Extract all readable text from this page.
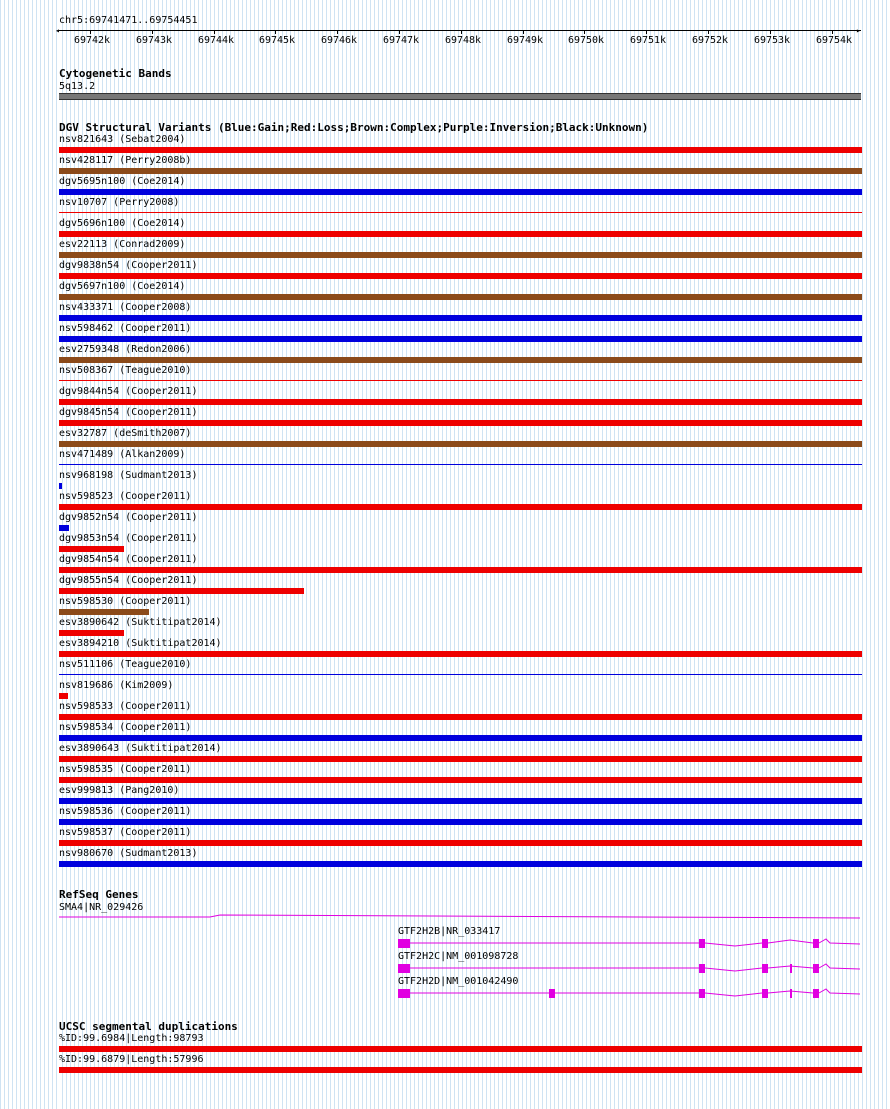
chr5:69741471..69754451
◂	▸
69742k	69743k	69744k 69745k	69746k	69747k	69748k	69749k 69750k	69751k	69752k	69753k	69754k
Cytogenetic Bands
5q13.2
DGV Structural Variants (Blue:Gain;Red:Loss;Brown:Complex;Purple:Inversion;Black:Unknown)
nsv821643 (Sebat2004)
nsv428117 (Perry2008b)
dgv5695n100 (Coe2014)
nsv10707 (Perry2008)
dgv5696n100 (Coe2014)
esv22113 (Conrad2009)
dgv9838n54 (Cooper2011)
dgv5697n100 (Coe2014)
nsv433371 (Cooper2008)
nsv598462 (Cooper2011)
esv2759348 (Redon2006)
nsv508367 (Teague2010)
dgv9844n54 (Cooper2011)
dgv9845n54 (Cooper2011)
esv32787 (deSmith2007)
nsv471489 (Alkan2009)
nsv968198 (Sudmant2013)
nsv598523 (Cooper2011)
dgv9852n54 (Cooper2011)
dgv9853n54 (Cooper2011)
dgv9854n54 (Cooper2011)
dgv9855n54 (Cooper2011)
nsv598530 (Cooper2011)
esv3890642 (Suktitipat2014)
esv3894210 (Suktitipat2014)
nsv511106 (Teague2010)
nsv819686 (Kim2009)
nsv598533 (Cooper2011)
nsv598534 (Cooper2011)
esv3890643 (Suktitipat2014)
nsv598535 (Cooper2011)
esv999813 (Pang2010)
nsv598536 (Cooper2011)
nsv598537 (Cooper2011)
nsv980670 (Sudmant2013)
RefSeq Genes
SMA4|NR_029426
GTF2H2B|NR_033417
GTF2H2C|NM_001098728
GTF2H2D|NM_001042490
UCSC segmental duplications
%ID:99.6984|Length:98793
%ID:99.6879|Length:57996
